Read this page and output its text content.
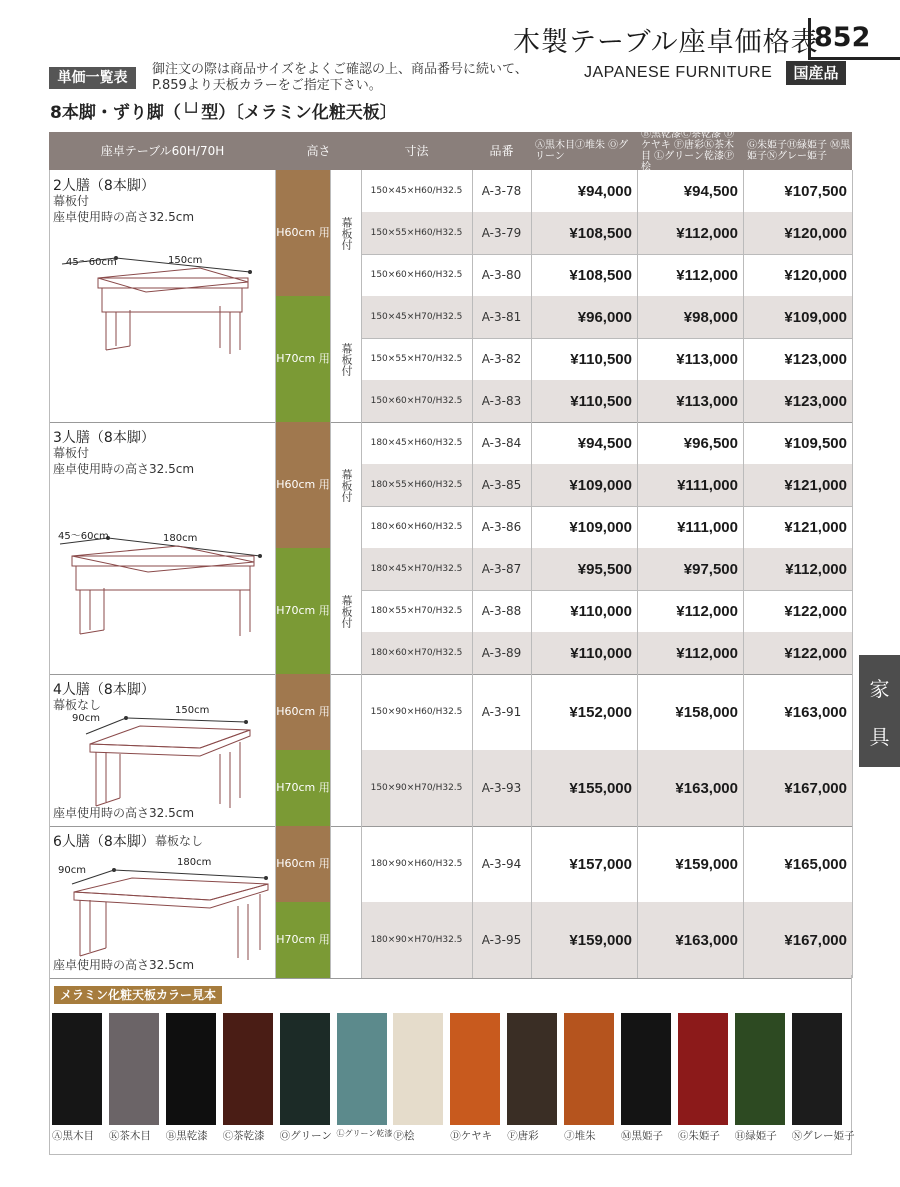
木製テーブル座卓価格表
852
JAPANESE FURNITURE	国産品
単価一覧表
御注文の際は商品サイズをよくご確認の上、商品番号に続いて、
P.859より天板カラーをご指定下さい。
8本脚・ずり脚（└┘型）〔メラミン化粧天板〕
座卓テーブル60H/70H	高さ	寸法	品番	Ⓐ黒木目Ⓙ堆朱 Ⓞグリーン
Ⓑ黒乾漆Ⓒ茶乾漆 Ⓓケヤキ Ⓕ唐彩Ⓚ茶木目 Ⓛグリーン乾漆Ⓟ桧
Ⓖ朱姫子Ⓗ緑姫子 Ⓜ黒姫子Ⓝグレー姫子
2人膳（8本脚）
幕板付
座卓使用時の高さ32.5cm
H60cm 用 幕板付
H70cm 用 幕板付
150×45×H60/H32.5	A-3-78	¥94,000	¥94,500	¥107,500
150×55×H60/H32.5	A-3-79	¥108,500	¥112,000	¥120,000
150×60×H60/H32.5	A-3-80	¥108,500	¥112,000	¥120,000
150×45×H70/H32.5	A-3-81	¥96,000	¥98,000	¥109,000
150×55×H70/H32.5	A-3-82	¥110,500	¥113,000	¥123,000
150×60×H70/H32.5	A-3-83	¥110,500	¥113,000	¥123,000
3人膳（8本脚）
幕板付
座卓使用時の高さ32.5cm
H60cm 用 幕板付
H70cm 用 幕板付
180×45×H60/H32.5	A-3-84	¥94,500	¥96,500	¥109,500
180×55×H60/H32.5	A-3-85	¥109,000	¥111,000	¥121,000
180×60×H60/H32.5	A-3-86	¥109,000	¥111,000	¥121,000
180×45×H70/H32.5	A-3-87	¥95,500	¥97,500	¥112,000
180×55×H70/H32.5	A-3-88	¥110,000	¥112,000	¥122,000
180×60×H70/H32.5	A-3-89	¥110,000	¥112,000	¥122,000
4人膳（8本脚）
幕板なし
座卓使用時の高さ32.5cm
H60cm 用
H70cm 用
150×90×H60/H32.5	A-3-91	¥152,000	¥158,000	¥163,000
150×90×H70/H32.5	A-3-93	¥155,000	¥163,000	¥167,000
6人膳（8本脚） 幕板なし
座卓使用時の高さ32.5cm
H60cm 用
H70cm 用
180×90×H60/H32.5	A-3-94	¥157,000	¥159,000	¥165,000
180×90×H70/H32.5	A-3-95	¥159,000	¥163,000	¥167,000
45～60cm	150cm
45～60cm	180cm
90cm
150cm
90cm
180cm
家
具
メラミン化粧天板カラー見本
Ⓐ黒木目 Ⓚ茶木目 Ⓑ黒乾漆 Ⓒ茶乾漆 Ⓞグリーン Ⓛグリーン乾漆 Ⓟ桧	Ⓓケヤキ Ⓕ唐彩 Ⓙ堆朱 Ⓜ黒姫子 Ⓖ朱姫子 Ⓗ緑姫子 Ⓝグレー姫子
